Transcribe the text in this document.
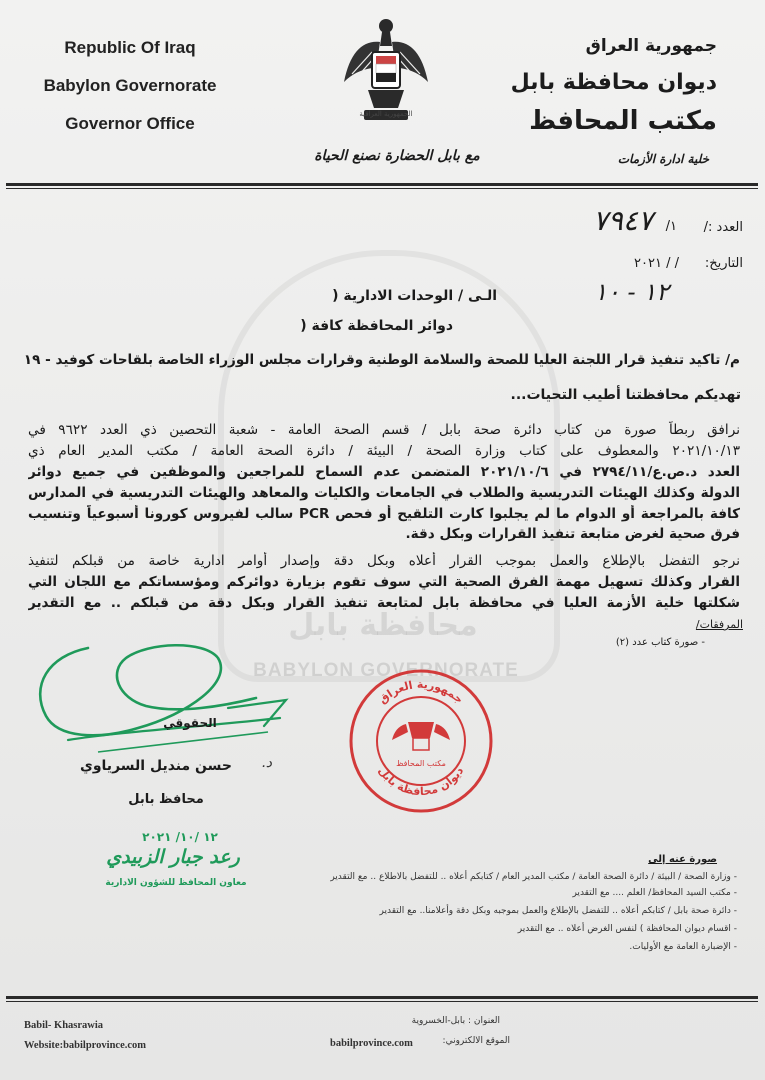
Republic Of Iraq
Babylon Governorate
Governor Office	الجمهورية العراقية
جمهورية العراق
ديوان محافظة بابل
مكتب المحافظ
خلية ادارة الأزمات
مع بابل الحضارة نصنع الحياة
محافظة بابل
BABYLON GOVERNORATE
العدد :/
١/
٧٩٤٧
التاريخ:
/ / ٢٠٢١
١٢ - ١٠
الـى / الوحدات الادارية (
دوائر المحافظة كافة (
م/ تاكيد تنفيذ قرار اللجنة العليا للصحة والسلامة الوطنية وقرارات مجلس الوزراء الخاصة بلقاحات كوفيد - ١٩
تهديكم محافظتنا أطيب التحيات...
نرافق ربطاً صورة من كتاب دائرة صحة بابل / قسم الصحة العامة - شعبة التحصين ذي العدد ٩٦٢٢ في
٢٠٢١/١٠/١٣ والمعطوف على كتاب وزارة الصحة / البيئة / دائرة الصحة العامة / مكتب المدير العام ذي
العدد د.ص.ع/٢٧٩٤/١١ في ٢٠٢١/١٠/٦ المتضمن عدم السماح للمراجعين والموظفين في جميع دوائر
الدولة وكذلك الهيئات التدريسية والطلاب في الجامعات والكليات والمعاهد والهيئات التدريسية في المدارس
كافة بالمراجعة أو الدوام ما لم يجلبوا كارت التلقيح أو فحص PCR سالب لفيروس كورونا أسبوعياً وتنسيب
فرق صحية لغرض متابعة تنفيذ القرارات وبكل دقة.
نرجو التفضل بالإطلاع والعمل بموجب القرار أعلاه وبكل دقة وإصدار أوامر ادارية خاصة من قبلكم لتنفيذ
القرار وكذلك تسهيل مهمة الفرق الصحية التي سوف تقوم بزيارة دوائركم ومؤسساتكم مع اللجان التي
شكلتها خلية الأزمة العليا في محافظة بابل لمتابعة تنفيذ القرار وبكل دقة من قبلكم .. مع التقدير
المرفقات/
- صورة كتاب عدد (٢)
الحقوقي
د.
حسن منديل السرياوي
محافظ بابل
١٢ /١٠/ ٢٠٢١
رعد جبار الزبيدي
معاون المحافظ للشؤون الادارية
جمهورية العراق
ديوان محافظة بابل
مكتب المحافظ
صورة عنه إلى
- وزارة الصحة / البيئة / دائرة الصحة العامة / مكتب المدير العام / كتابكم أعلاه .. للتفضل بالاطلاع .. مع التقدير
- مكتب السيد المحافظ/ العلم .... مع التقدير
- دائرة صحة بابل / كتابكم أعلاه .. للتفضل بالإطلاع والعمل بموجبه وبكل دقة وأعلامنا.. مع التقدير
- اقسام ديوان المحافظة ) لنفس الغرض أعلاه .. مع التقدير
- الإضبارة العامة مع الأوليات.
Babil- Khasrawia
Website:babilprovince.com
العنوان : بابل-الخسروية
الموقع الالكتروني:
babilprovince.com
